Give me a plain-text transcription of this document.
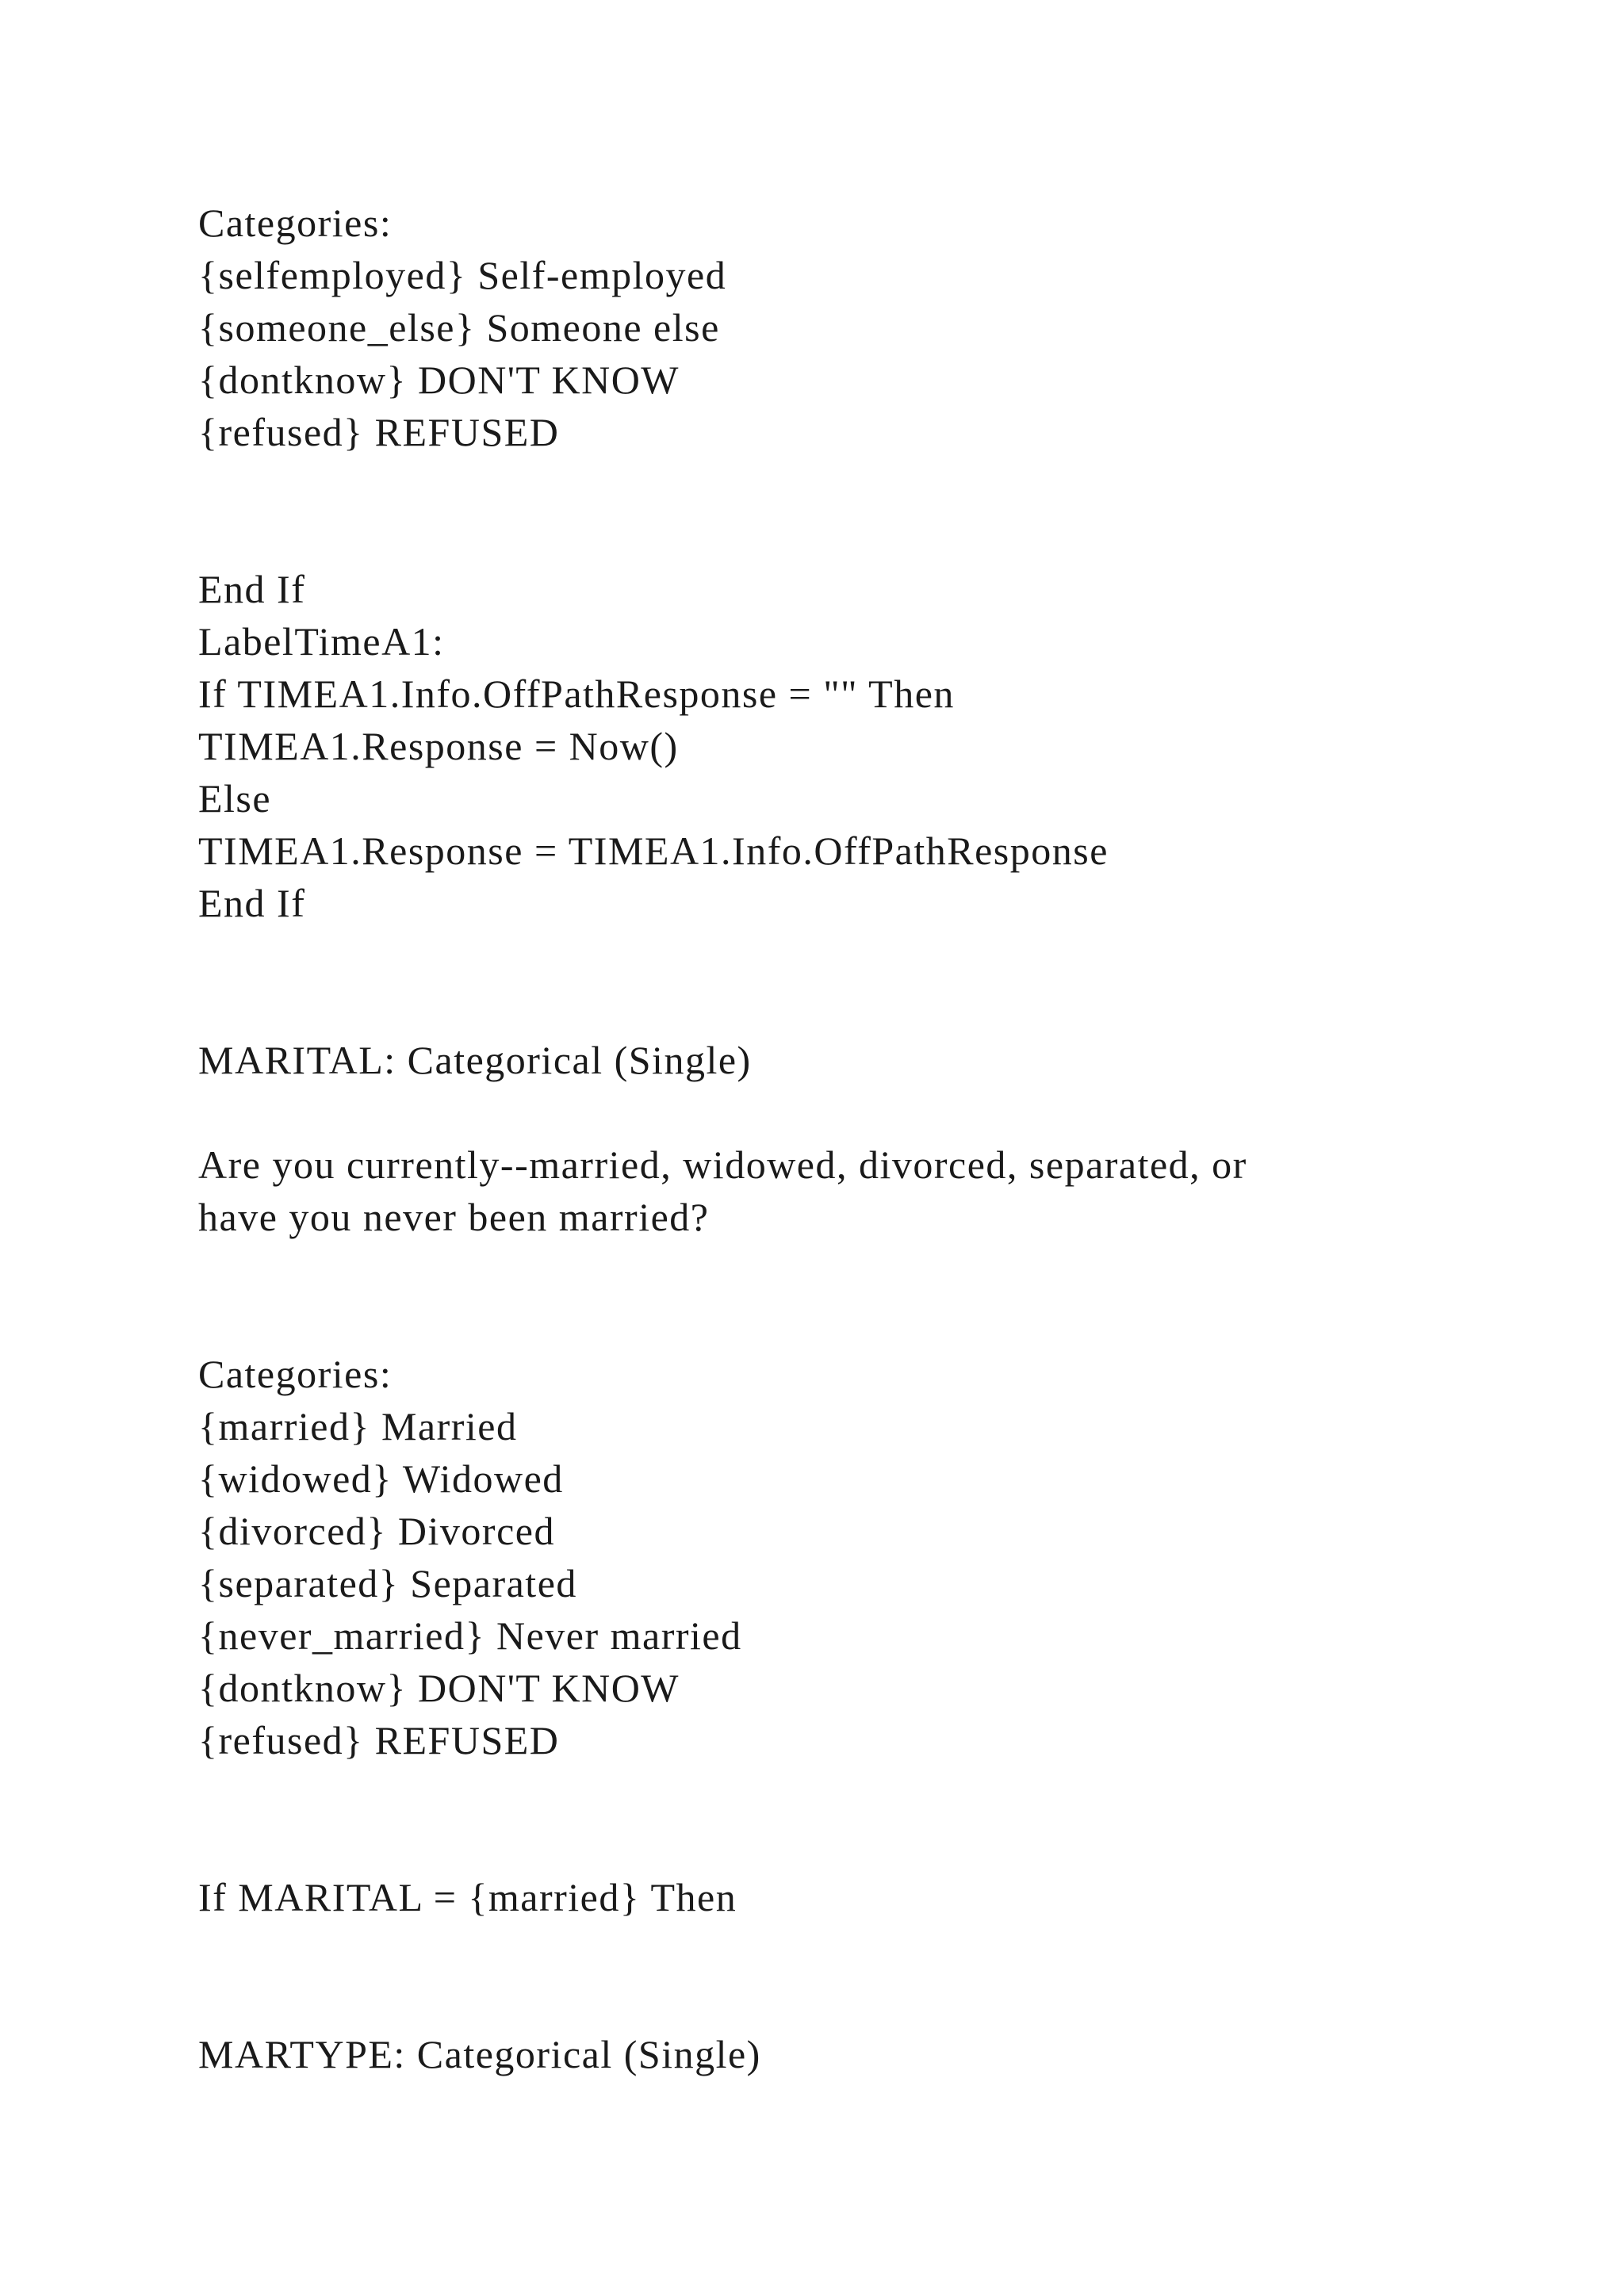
Categories:
{selfemployed} Self-employed
{someone_else} Someone else
{dontknow} DON'T KNOW
{refused} REFUSED
End If
LabelTimeA1:
If TIMEA1.Info.OffPathResponse = "" Then
TIMEA1.Response = Now()
Else
TIMEA1.Response = TIMEA1.Info.OffPathResponse
End If
MARITAL: Categorical (Single)
Are you currently--married, widowed, divorced, separated, or
have you never been married?
Categories:
{married} Married
{widowed} Widowed
{divorced} Divorced
{separated} Separated
{never_married} Never married
{dontknow} DON'T KNOW
{refused} REFUSED
If MARITAL = {married} Then
MARTYPE: Categorical (Single)
